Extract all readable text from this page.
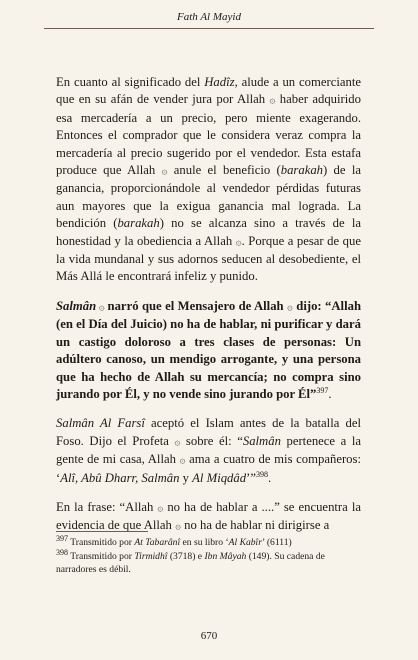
Fath Al Mayid

En cuanto al significado del Hadîz, alude a un comerciante que en su afán de vender jura por Allah ۞ haber adquirido esa mercadería a un precio, pero miente exagerando. Entonces el comprador que le considera veraz compra la mercadería al precio sugerido por el vendedor. Esta estafa produce que Allah ۞ anule el beneficio (barakah) de la ganancia, proporcionándole al vendedor pérdidas futuras aun mayores que la exigua ganancia mal lograda. La bendición (barakah) no se alcanza sino a través de la honestidad y la obediencia a Allah ۞. Porque a pesar de que la vida mundanal y sus adornos seducen al desobediente, el Más Allá le encontrará infeliz y punido.

Salmân ۞ narró que el Mensajero de Allah ۞ dijo: “Allah (en el Día del Juicio) no ha de hablar, ni purificar y dará un castigo doloroso a tres clases de personas: Un adúltero canoso, un mendigo arrogante, y una persona que ha hecho de Allah su mercancía; no compra sino jurando por Él, y no vende sino jurando por Él”$^{397}$.

Salmân Al Farsî aceptó el Islam antes de la batalla del Foso. Dijo el Profeta ۞ sobre él: “Salmân pertenece a la gente de mi casa, Allah ۞ ama a cuatro de mis compañeros: ‘Alî, Abû Dharr, Salmân y Al Miqdâd’”$^{398}$.

En la frase: “Allah ۞ no ha de hablar a ....” se encuentra la evidencia de que Allah ۞ no ha de hablar ni dirigirse a

$^{397}$ Transmitido por At Tabarânî en su libro ‘Al Kabîr’ (6111)
$^{398}$ Transmitido por Tirmidhî (3718) e Ibn Mâyah (149). Su cadena de narradores es débil.
670
